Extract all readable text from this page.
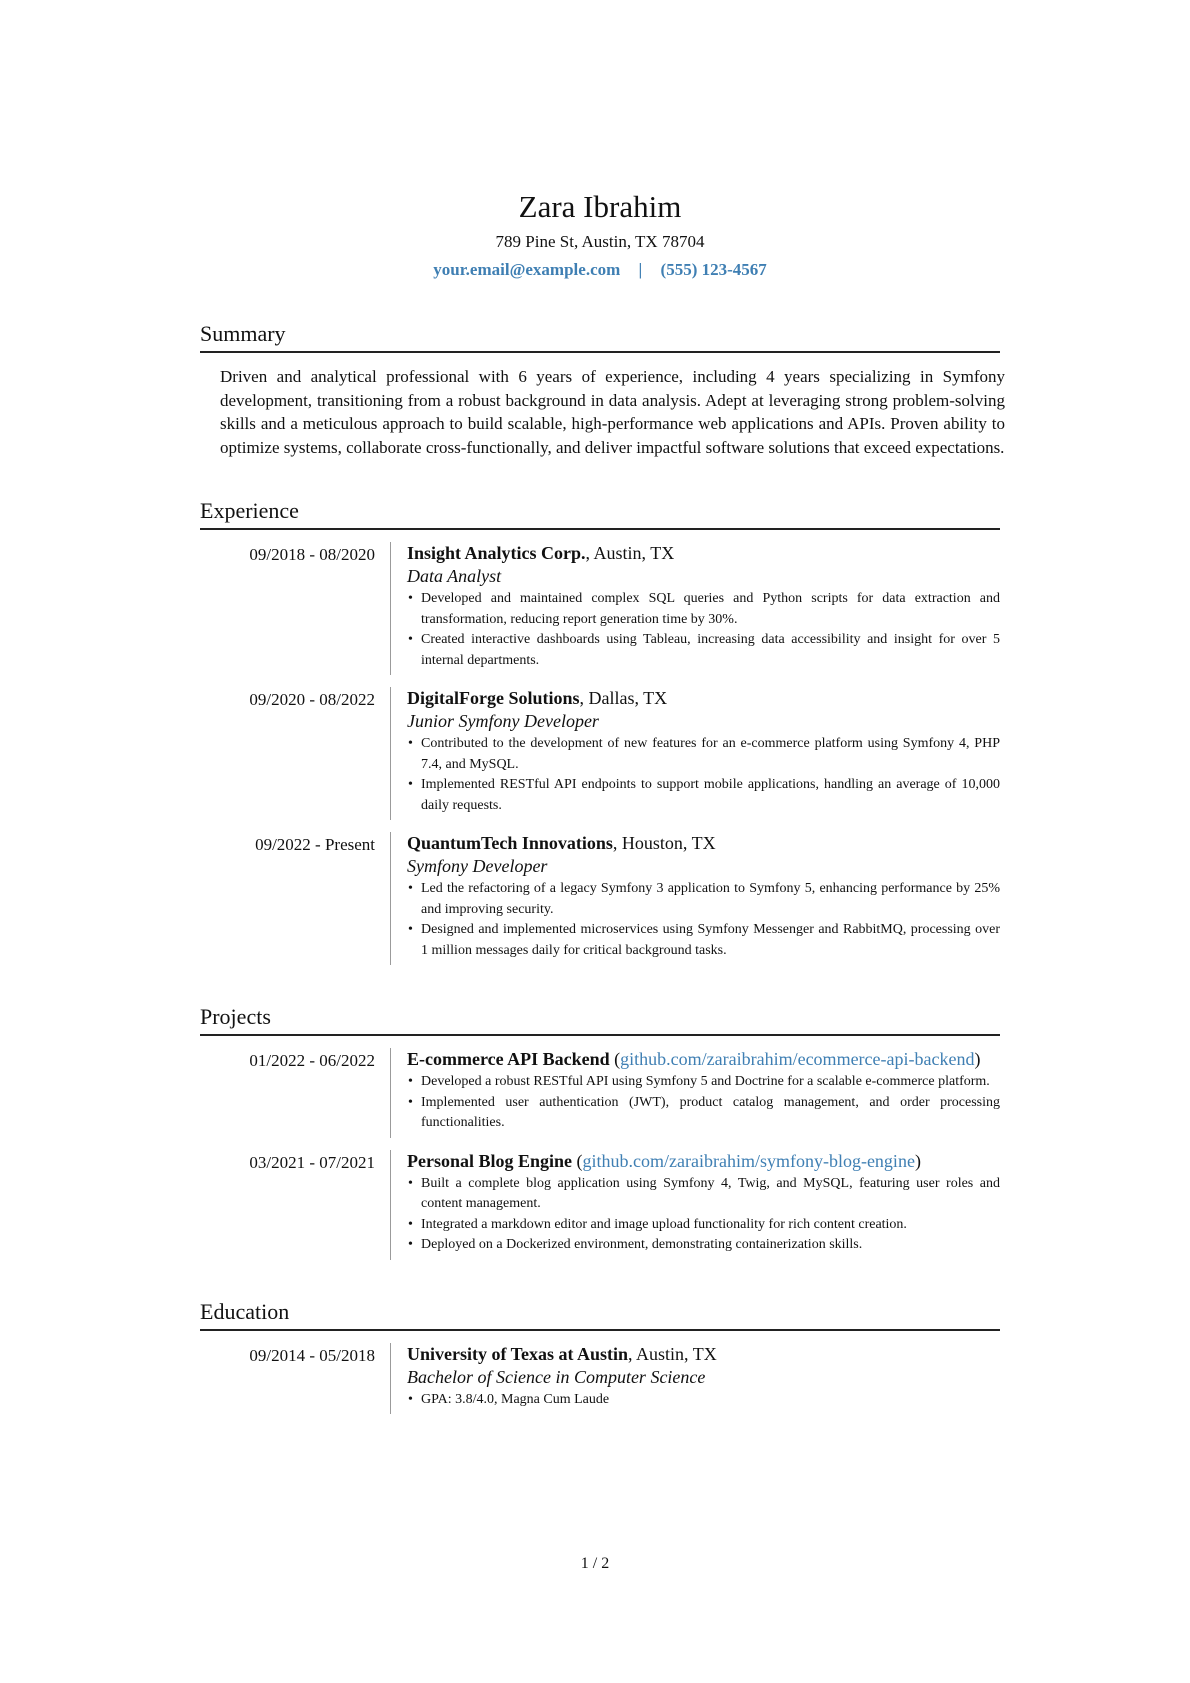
Zara Ibrahim
789 Pine St, Austin, TX 78704
your.email@example.com | (555) 123-4567
Summary

Driven and analytical professional with 6 years of experience, including 4 years specializing in Symfony development, transitioning from a robust background in data analysis. Adept at leveraging strong problem-solving skills and a meticulous approach to build scalable, high-performance web applications and APIs. Proven ability to optimize systems, collaborate cross-functionally, and deliver impactful software solutions that exceed expectations.

Experience
09/2018 - 08/2020 Insight Analytics Corp., Austin, TX
Data Analyst
• Developed and maintained complex SQL queries and Python scripts for data extraction and transformation, reducing report generation time by 30%.
• Created interactive dashboards using Tableau, increasing data accessibility and insight for over 5 internal departments.
09/2020 - 08/2022 DigitalForge Solutions, Dallas, TX
Junior Symfony Developer
• Contributed to the development of new features for an e-commerce platform using Symfony 4, PHP 7.4, and MySQL.
• Implemented RESTful API endpoints to support mobile applications, handling an average of 10,000 daily requests.
09/2022 - Present QuantumTech Innovations, Houston, TX
Symfony Developer
• Led the refactoring of a legacy Symfony 3 application to Symfony 5, enhancing performance by 25% and improving security.
• Designed and implemented microservices using Symfony Messenger and RabbitMQ, processing over 1 million messages daily for critical background tasks.
Projects
01/2022 - 06/2022 E-commerce API Backend (github.com/zaraibrahim/ecommerce-api-backend)
• Developed a robust RESTful API using Symfony 5 and Doctrine for a scalable e-commerce platform.
• Implemented user authentication (JWT), product catalog management, and order processing functionalities.
03/2021 - 07/2021 Personal Blog Engine (github.com/zaraibrahim/symfony-blog-engine)
• Built a complete blog application using Symfony 4, Twig, and MySQL, featuring user roles and content management.
• Integrated a markdown editor and image upload functionality for rich content creation.
• Deployed on a Dockerized environment, demonstrating containerization skills.
Education
09/2014 - 05/2018 University of Texas at Austin, Austin, TX
Bachelor of Science in Computer Science
• GPA: 3.8/4.0, Magna Cum Laude
1 / 2
